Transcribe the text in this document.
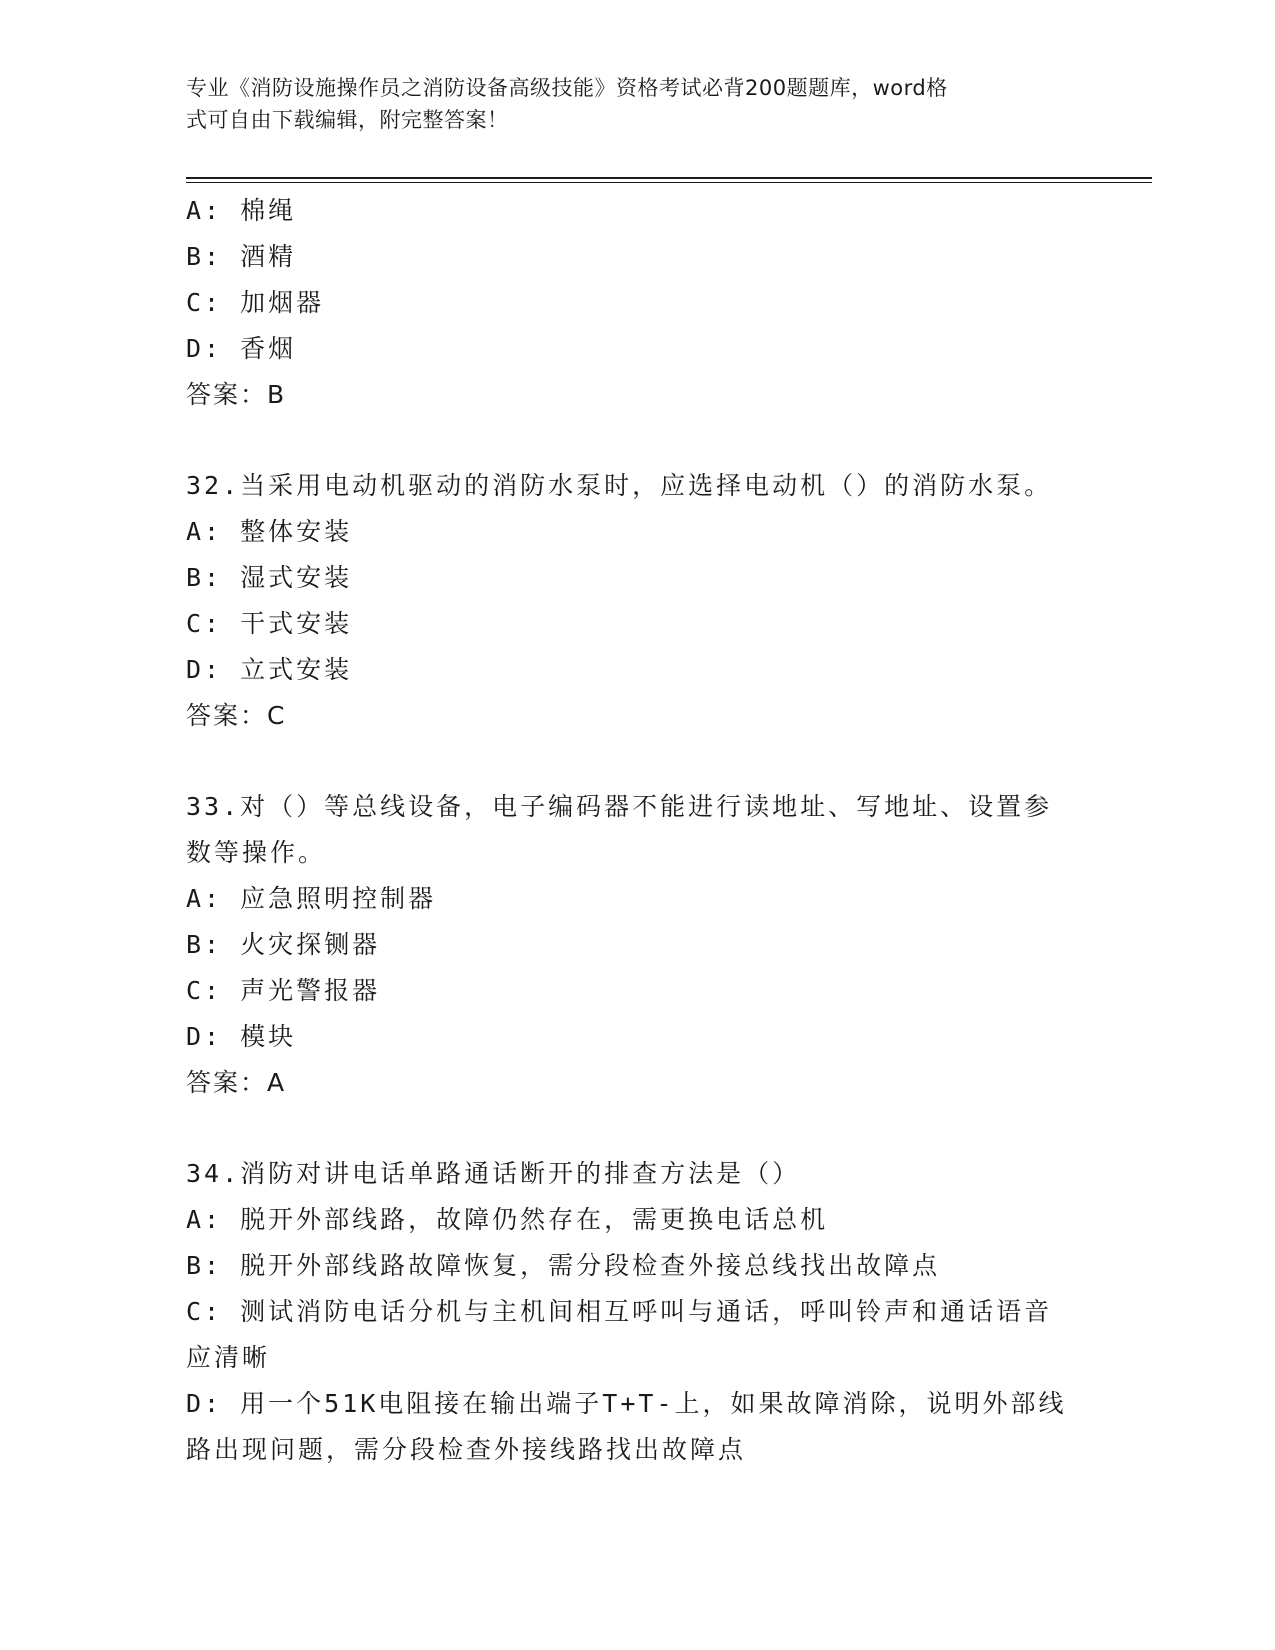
专业《消防设施操作员之消防设备高级技能》资格考试必背200题题库，word格
式可自由下载编辑，附完整答案！
A: 棉绳
B: 酒精
C: 加烟器
D: 香烟
答案：B
32.当采用电动机驱动的消防水泵时，应选择电动机（）的消防水泵。
A: 整体安装
B: 湿式安装
C: 干式安装
D: 立式安装
答案：C
33.对（）等总线设备，电子编码器不能进行读地址、写地址、设置参
数等操作。
A: 应急照明控制器
B: 火灾探铡器
C: 声光警报器
D: 模块
答案：A
34.消防对讲电话单路通话断开的排查方法是（）
A: 脱开外部线路，故障仍然存在，需更换电话总机
B: 脱开外部线路故障恢复，需分段检查外接总线找出故障点
C: 测试消防电话分机与主机间相互呼叫与通话，呼叫铃声和通话语音
应清晰
D: 用一个51K电阻接在输出端子T+T-上，如果故障消除，说明外部线
路出现问题，需分段检查外接线路找出故障点
